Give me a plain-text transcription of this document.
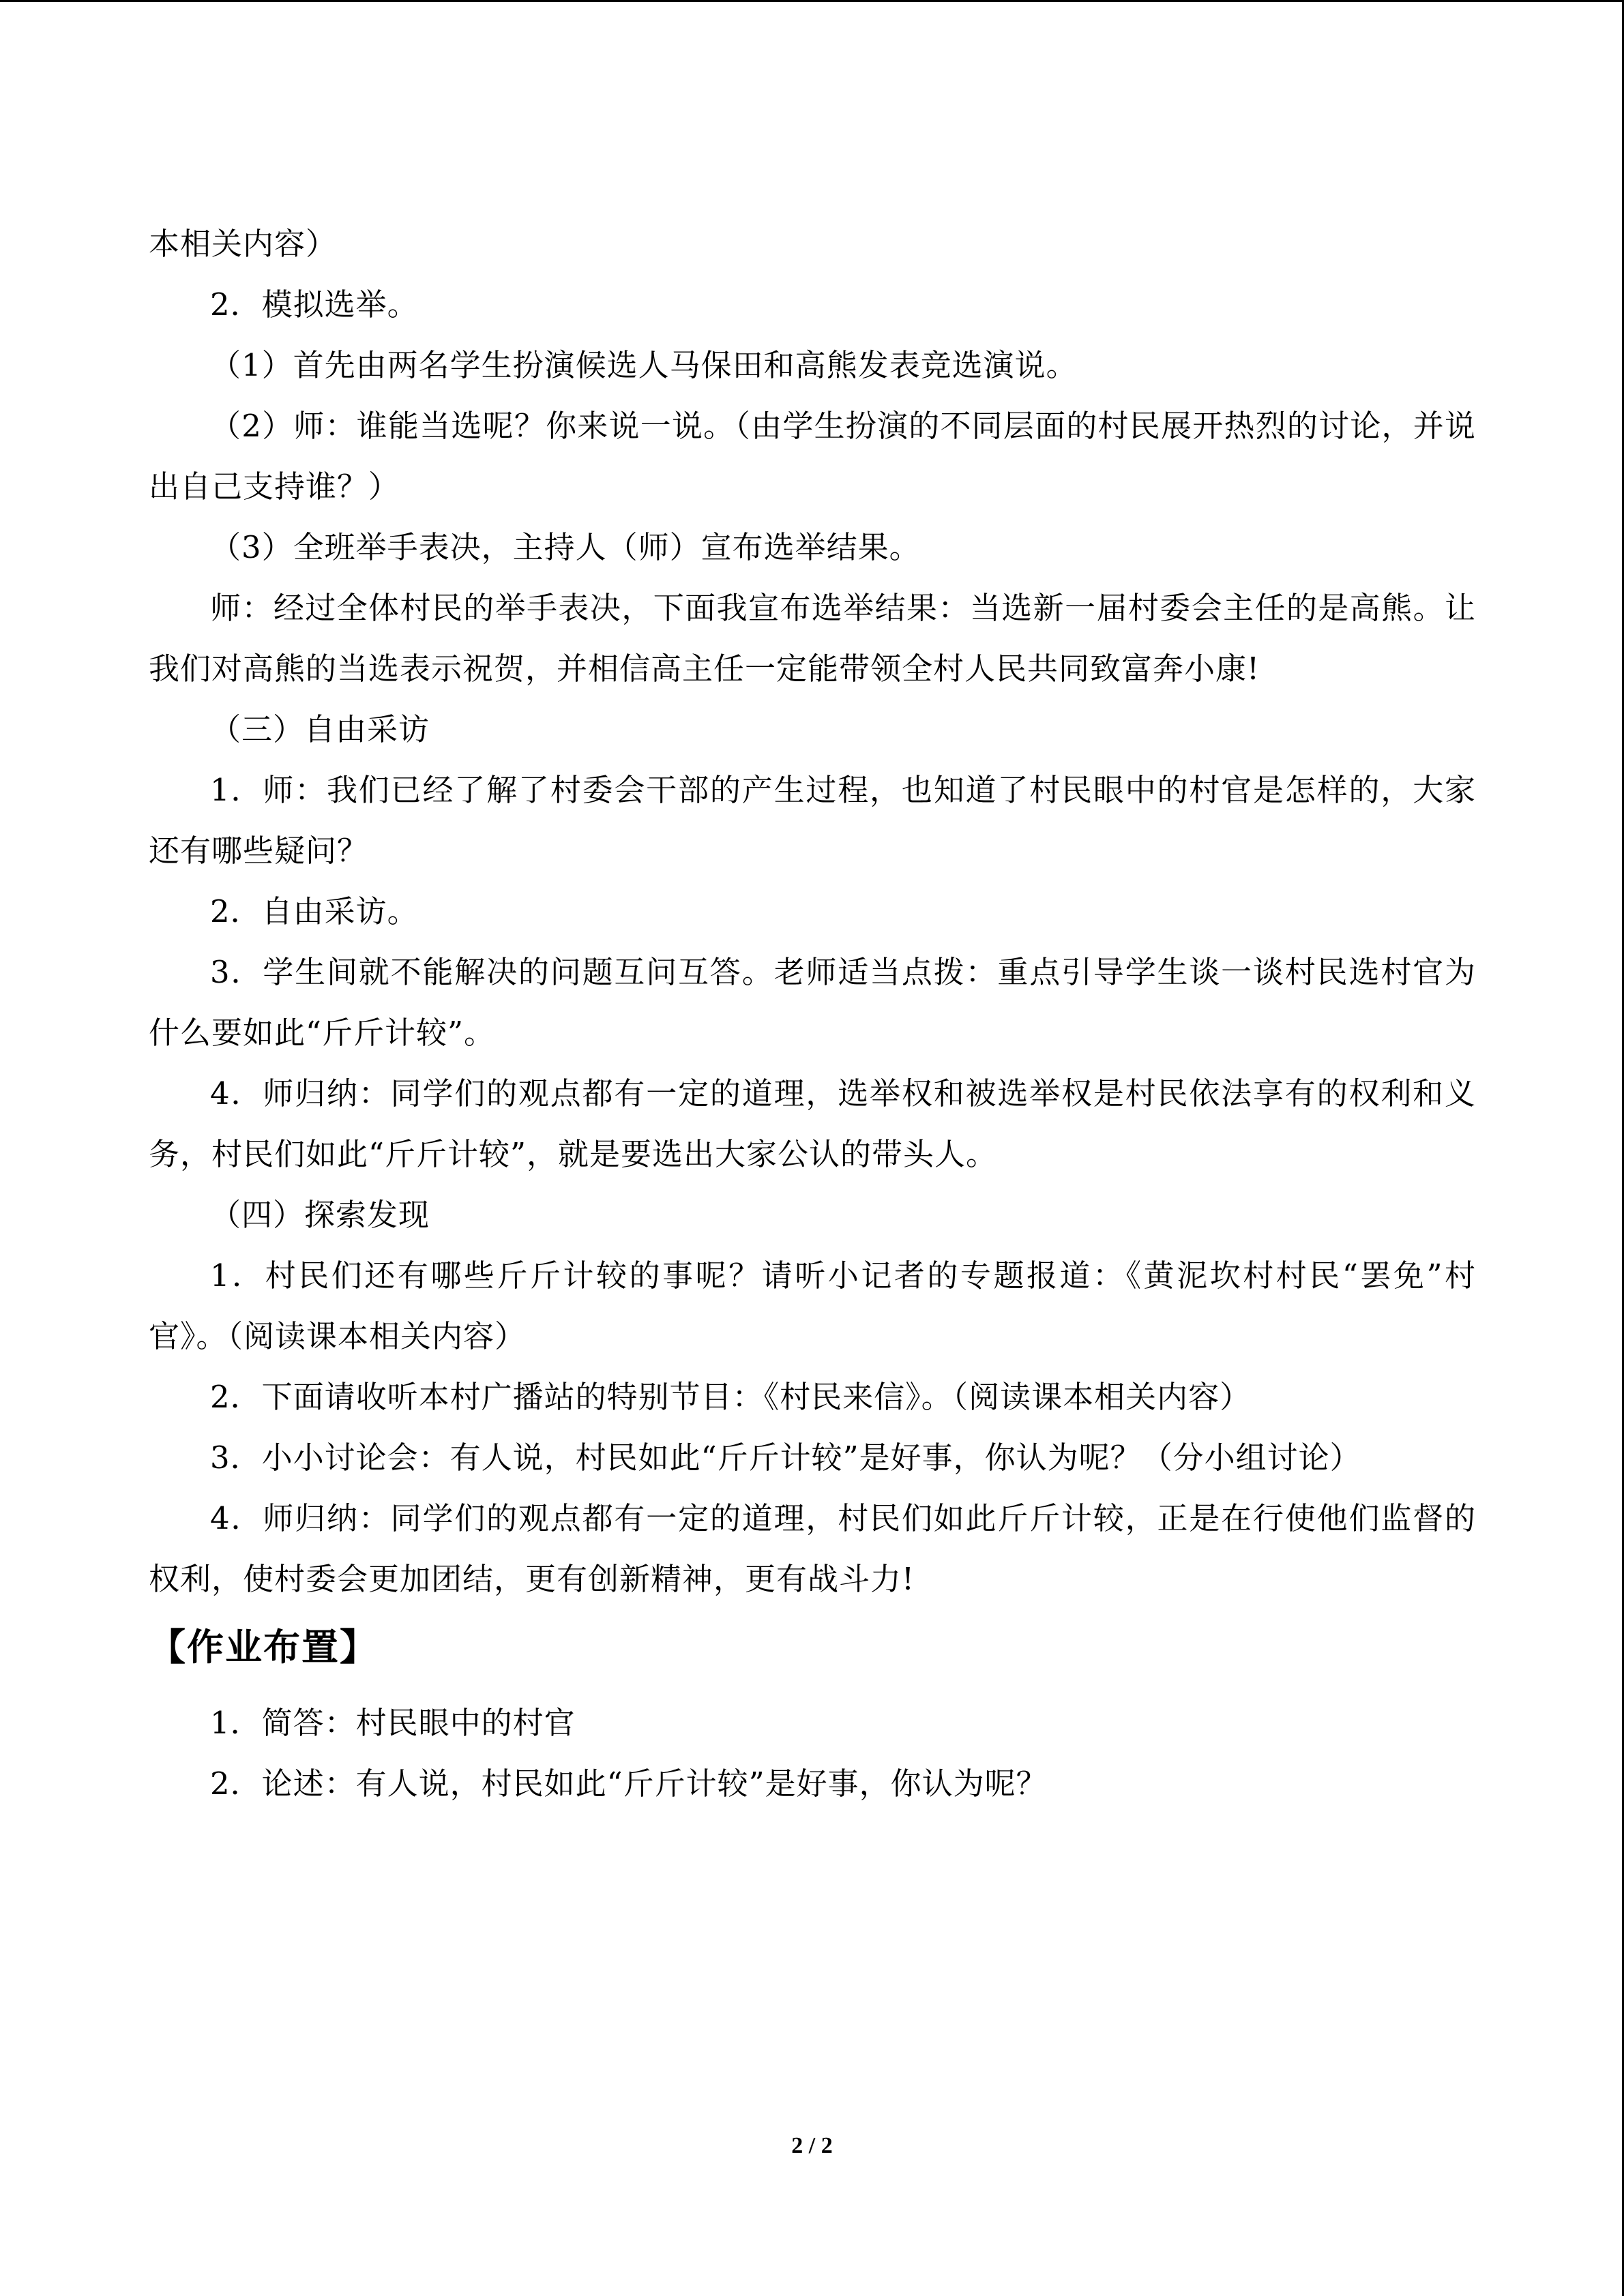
本相关内容）

2．模拟选举。

（1）首先由两名学生扮演候选人马保田和高熊发表竞选演说。

（2）师：谁能当选呢？你来说一说。（由学生扮演的不同层面的村民展开热烈的讨论，并说出自己支持谁？）

（3）全班举手表决，主持人（师）宣布选举结果。

师：经过全体村民的举手表决，下面我宣布选举结果：当选新一届村委会主任的是高熊。让我们对高熊的当选表示祝贺，并相信高主任一定能带领全村人民共同致富奔小康!

（三）自由采访

1．师：我们已经了解了村委会干部的产生过程，也知道了村民眼中的村官是怎样的，大家还有哪些疑问？

2．自由采访。

3．学生间就不能解决的问题互问互答。老师适当点拨：重点引导学生谈一谈村民选村官为什么要如此“斤斤计较”。

4．师归纳：同学们的观点都有一定的道理，选举权和被选举权是村民依法享有的权利和义务，村民们如此“斤斤计较”，就是要选出大家公认的带头人。

（四）探索发现

1．村民们还有哪些斤斤计较的事呢？请听小记者的专题报道：《黄泥坎村村民“罢免”村官》。（阅读课本相关内容）

2．下面请收听本村广播站的特别节目：《村民来信》。（阅读课本相关内容）

3．小小讨论会：有人说，村民如此“斤斤计较”是好事，你认为呢？（分小组讨论）

4．师归纳：同学们的观点都有一定的道理，村民们如此斤斤计较，正是在行使他们监督的权利，使村委会更加团结，更有创新精神，更有战斗力!

【作业布置】

1．简答：村民眼中的村官

2．论述：有人说，村民如此“斤斤计较”是好事，你认为呢？

2 / 2
